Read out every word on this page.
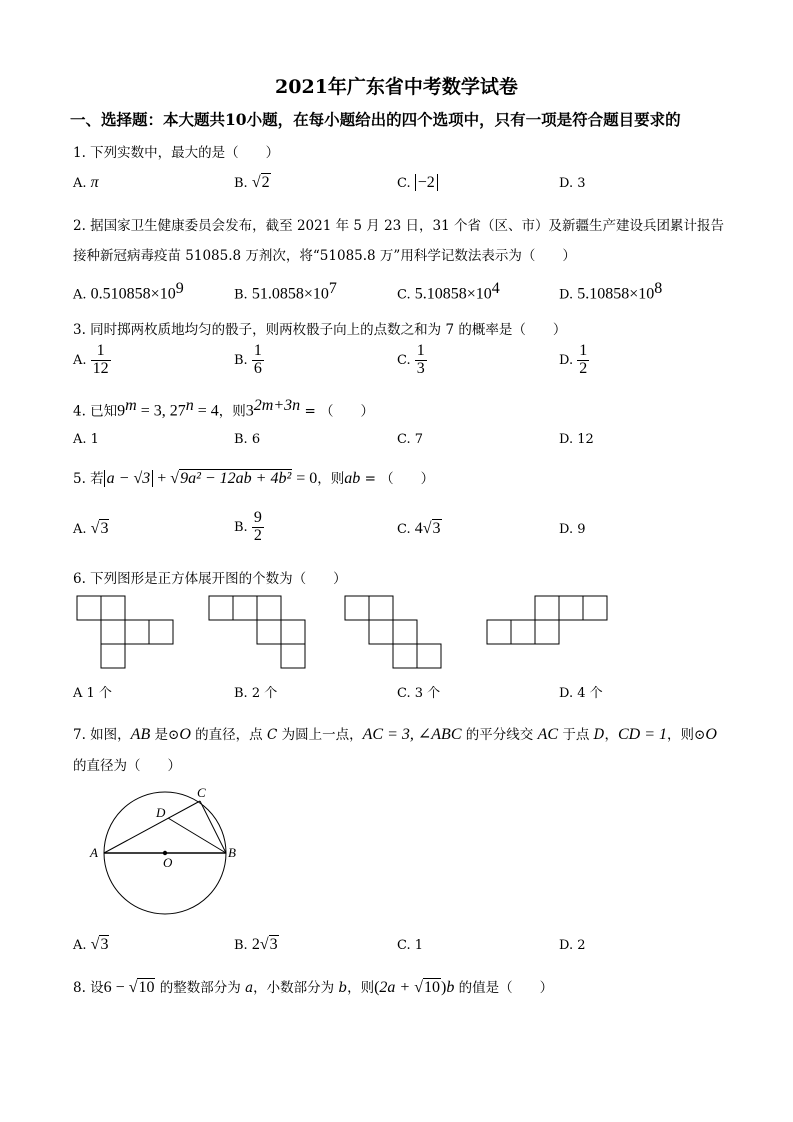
2021年广东省中考数学试卷
一、选择题：本大题共10小题，在每小题给出的四个选项中，只有一项是符合题目要求的
1. 下列实数中，最大的是（　　）
A. π	B. √2	C. −2	D. 3
2. 据国家卫生健康委员会发布，截至 2021 年 5 月 23 日，31 个省（区、市）及新疆生产建设兵团累计报告
接种新冠病毒疫苗 51085.8 万剂次，将“51085.8 万”用科学记数法表示为（　　）
A. $0.510858\times 10^9$	B. $51.0858\times 10^7$	C. $5.10858\times 10^4$	D. $5.10858\times 10^8$
3. 同时掷两枚质地均匀的骰子，则两枚骰子向上的点数之和为 7 的概率是（　　）
A. $\frac{1}{12}$	B. $\frac{1}{6}$	C. $\frac{1}{3}$	D. $\frac{1}{2}$
4. 已知$9^m = 3$, $27^n = 4$，则$3^{2m+3n}$ = （　　）
A. 1	B. 6	C. 7	D. 12
5. 若 a − √3 + √9a² − 12ab + 4b² = 0，则ab = （　　）
A. √3	B. $\frac{9}{2}$	C. 4√3	D. 9
6. 下列图形是正方体展开图的个数为（　　）
A 1 个	B. 2 个	C. 3 个	D. 4 个
7. 如图，AB 是⊙O 的直径，点 C 为圆上一点，AC = 3, ∠ABC 的平分线交 AC 于点 D，CD = 1，则⊙O
的直径为（　　）
A	B
C
D
O
A. √3	B. 2√3	C. 1	D. 2
8. 设6 − √10 的整数部分为 a，小数部分为 b，则(2a + √10)b 的值是（　　）
